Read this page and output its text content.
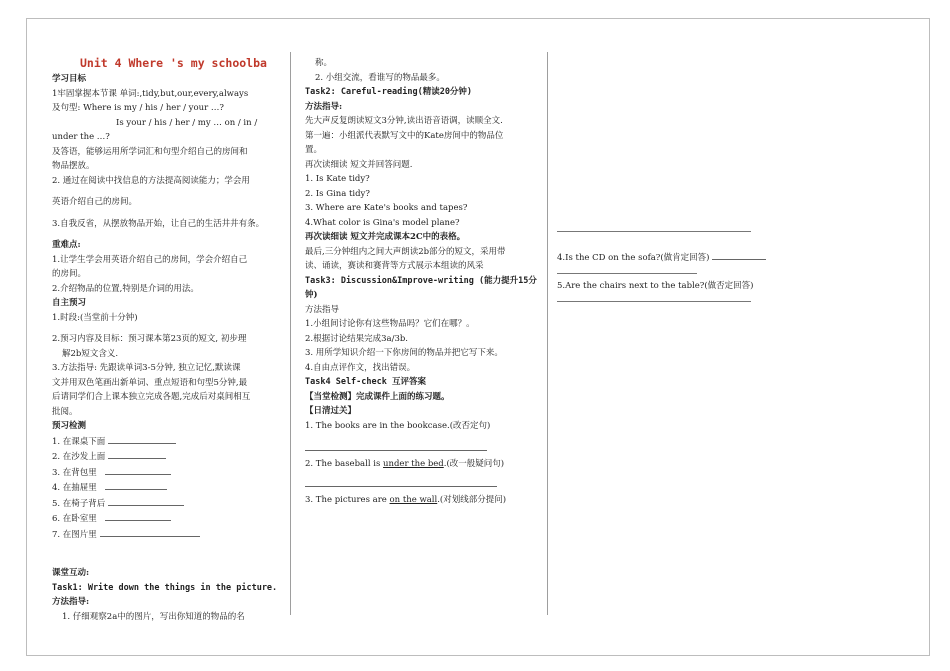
Unit 4 Where 's my schoolba

学习目标

1牢固掌握本节课 单词:,tidy,but,our,every,always

及句型: Where is my / his / her / your …?

Is your / his / her / my … on / in /

under the …?

及答语，能够运用所学词汇和句型介绍自己的房间和

物品摆放。

2. 通过在阅读中找信息的方法提高阅读能力；学会用

英语介绍自己的房间。

3.自我反省，从摆放物品开始，让自己的生活井井有条。

重难点:

1.让学生学会用英语介绍自己的房间，学会介绍自己

的房间。

2.介绍物品的位置,特别是介词的用法。

自主预习

1.时段:(当堂前十分钟)

2.预习内容及目标：预习课本第23页的短文, 初步理

解2b短文含义.

3.方法指导: 先跟读单词3-5分钟, 独立记忆,默读课

文并用双色笔画出新单词、重点短语和句型5分钟,最

后请同学们合上课本独立完成各题,完成后对桌间相互

批阅。

预习检测

1. 在课桌下面

2. 在沙发上面

3. 在背包里

4. 在抽屉里

5. 在椅子背后

6. 在卧室里

7. 在图片里

课堂互动:

Task1: Write down the things in the picture.

方法指导:

1. 仔细观察2a中的图片，写出你知道的物品的名

称。

2. 小组交流，看谁写的物品最多。

Task2: Careful-reading(精读20分钟)

方法指导:

先大声反复朗读短文3分钟,读出语音语调，读顺全文.

第一遍：小组派代表默写文中的Kate房间中的物品位

置。

再次读细读 短文并回答问题.

1. Is Kate tidy?

2. Is Gina tidy?

3. Where are Kate's books and tapes?

4.What color is Gina's model plane?

再次读细读 短文并完成课本2C中的表格。

最后,三分钟组内之间大声朗读2b部分的短文，采用带

读、诵读，赛读和赛背等方式展示本组读的风采

Task3: Discussion&Improve-writing (能力提升15分

钟)

方法指导

1.小组间讨论你有这些物品吗？它们在哪？。

2.根据讨论结果完成3a/3b.

3. 用所学知识介绍一下你房间的物品并把它写下来。

4.自由点评作文，找出错误。

Task4 Self-check 互评答案

【当堂检测】完成课件上面的练习题。

【日清过关】

1. The books are in the bookcase.(改否定句)

2. The baseball is under the bed.(改一般疑问句)

3. The pictures are on the wall.(对划线部分提问)

4.Is the CD on the sofa?(做肯定回答)

5.Are the chairs next to the table?(做否定回答)
